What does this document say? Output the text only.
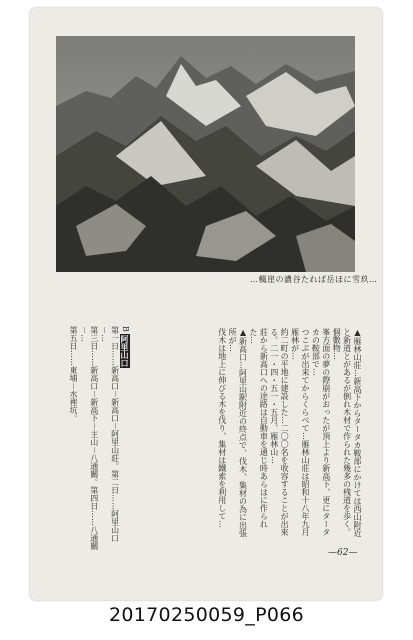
…楓崖の濃谷たれば岳ほに雪玖…

▲雁林山莊…新高下からタータカ鞍部にかけては西山附近と新道とがあるが倒れ木材で作られた幾多の桟道を歩く。個數物…

峯方面の夢の際崩がおったが頂上より新高下、更にタータカの鞍部で…

つこぶが出来てからくらべて…雁林山莊は昭和十八年九月雁林が…

約二町の平地に建設した…二〇〇名を收容することが出來る。二一・四・五一・五月、雁林山…

莊から新高口への途路は自動車を通じ時あらはに作られた…

▲新高口…阿里山駅附近の終点で、伐木、集材の為に出張所が…

伐木は地上に伸びる木を伐り、集材は鐵索を利用して…

B 阿里山口

第一日……新高口－新高口－阿里山莊。第二日……阿里山口－…

第三日……新高口－新高下－主山－八通關。第四日……八通關－…

第五日……東埔－水裡坑。

—62—
20170250059_P066
